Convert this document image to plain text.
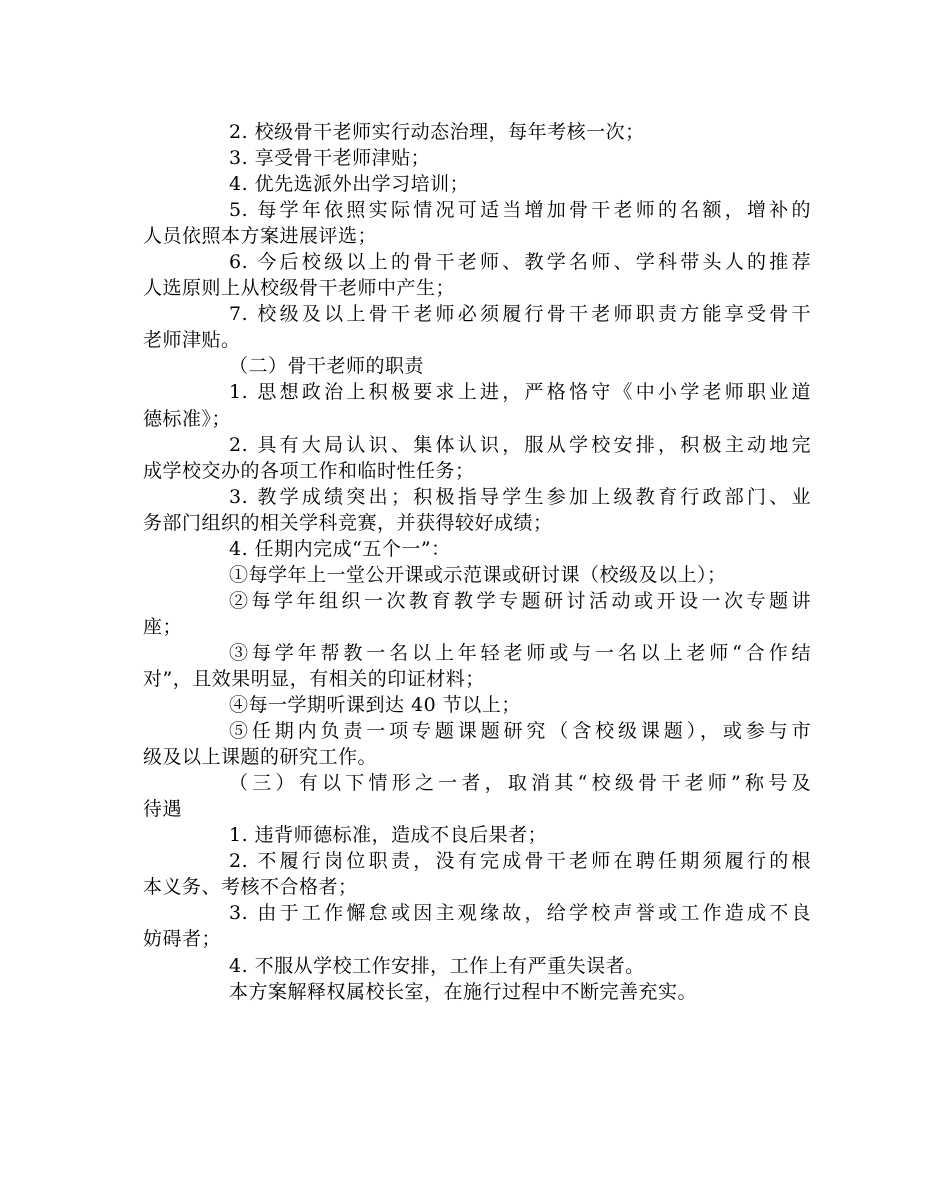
2. 校级骨干老师实行动态治理，每年考核一次；
3. 享受骨干老师津贴；
4. 优先选派外出学习培训；
5. 每学年依照实际情况可适当增加骨干老师的名额，增补的
人员依照本方案进展评选；
6. 今后校级以上的骨干老师、教学名师、学科带头人的推荐
人选原则上从校级骨干老师中产生；
7. 校级及以上骨干老师必须履行骨干老师职责方能享受骨干
老师津贴。
（二）骨干老师的职责
1. 思想政治上积极要求上进，严格恪守《中小学老师职业道
德标准》；
2. 具有大局认识、集体认识，服从学校安排，积极主动地完
成学校交办的各项工作和临时性任务；
3. 教学成绩突出；积极指导学生参加上级教育行政部门、业
务部门组织的相关学科竞赛，并获得较好成绩；
4. 任期内完成“五个一”：
①每学年上一堂公开课或示范课或研讨课（校级及以上）；
②每学年组织一次教育教学专题研讨活动或开设一次专题讲
座；
③每学年帮教一名以上年轻老师或与一名以上老师“合作结
对”，且效果明显，有相关的印证材料；
④每一学期听课到达 40 节以上；
⑤任期内负责一项专题课题研究（含校级课题），或参与市
级及以上课题的研究工作。
（三）有以下情形之一者，取消其“校级骨干老师”称号及
待遇
1. 违背师德标准，造成不良后果者；
2. 不履行岗位职责，没有完成骨干老师在聘任期须履行的根
本义务、考核不合格者；
3. 由于工作懈怠或因主观缘故，给学校声誉或工作造成不良
妨碍者；
4. 不服从学校工作安排，工作上有严重失误者。
本方案解释权属校长室，在施行过程中不断完善充实。
